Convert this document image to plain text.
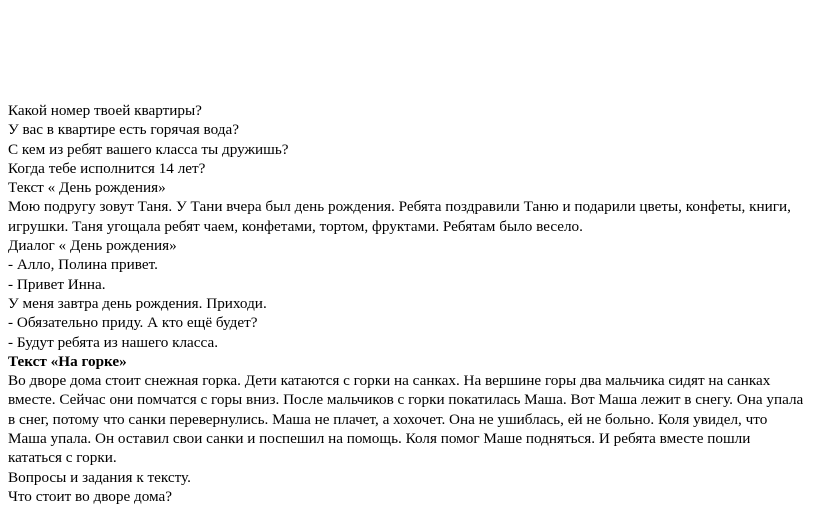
Какой номер твоей квартиры?
У вас в квартире есть горячая вода?
С кем из ребят вашего класса ты дружишь?
Когда тебе исполнится 14 лет?
Текст « День рождения»
Мою подругу зовут Таня. У Тани вчера был день рождения. Ребята поздравили Таню и подарили цветы, конфеты, книги, игрушки. Таня угощала ребят чаем, конфетами, тортом, фруктами. Ребятам было весело.
Диалог « День рождения»
- Алло, Полина привет.
- Привет Инна.
У меня завтра день рождения. Приходи.
- Обязательно приду. А кто ещё будет?
- Будут ребята из нашего класса.
Текст «На горке»
Во дворе дома стоит снежная горка. Дети катаются с горки на санках. На вершине горы два мальчика сидят на санках вместе. Сейчас они помчатся с горы вниз. После мальчиков с горки покатилась Маша. Вот Маша лежит в снегу. Она упала в снег, потому что санки перевернулись. Маша не плачет, а хохочет. Она не ушиблась, ей не больно. Коля увидел, что Маша упала. Он оставил свои санки и поспешил на помощь. Коля помог Маше подняться. И ребята вместе пошли кататься с горки.
Вопросы и задания к тексту.
Что стоит во дворе дома?
